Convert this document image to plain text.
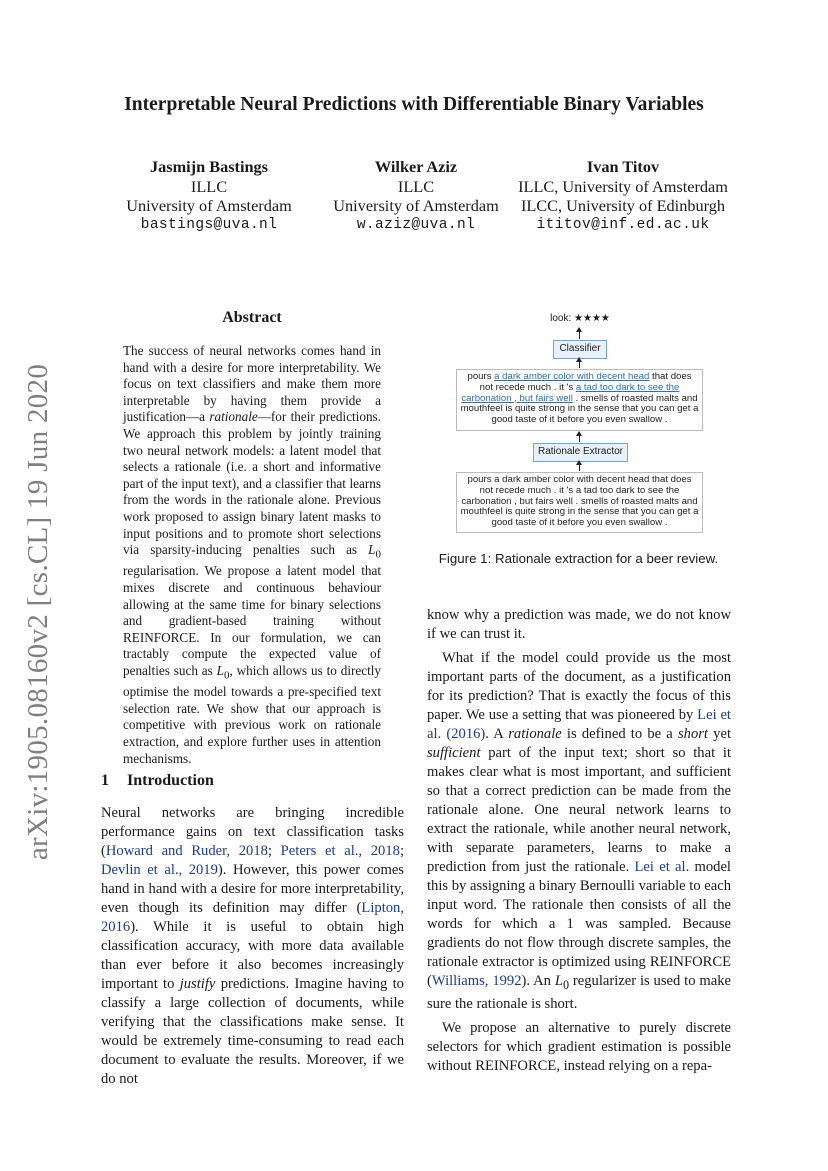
arXiv:1905.08160v2 [cs.CL] 19 Jun 2020
Interpretable Neural Predictions with Differentiable Binary Variables
Jasmijn Bastings
ILLC
University of Amsterdam
bastings@uva.nl
Wilker Aziz
ILLC
University of Amsterdam
w.aziz@uva.nl
Ivan Titov
ILLC, University of Amsterdam
ILCC, University of Edinburgh
ititov@inf.ed.ac.uk
Abstract
The success of neural networks comes hand in hand with a desire for more interpretability. We focus on text classifiers and make them more interpretable by having them provide a justification—a rationale—for their predictions. We approach this problem by jointly training two neural network models: a latent model that selects a rationale (i.e. a short and informative part of the input text), and a classifier that learns from the words in the rationale alone. Previous work proposed to assign binary latent masks to input positions and to promote short selections via sparsity-inducing penalties such as $L_0$ regularisation. We propose a latent model that mixes discrete and continuous behaviour allowing at the same time for binary selections and gradient-based training without REINFORCE. In our formulation, we can tractably compute the expected value of penalties such as $L_0$, which allows us to directly optimise the model towards a pre-specified text selection rate. We show that our approach is competitive with previous work on rationale extraction, and explore further uses in attention mechanisms.
1 Introduction

Neural networks are bringing incredible performance gains on text classification tasks (Howard and Ruder, 2018; Peters et al., 2018; Devlin et al., 2019). However, this power comes hand in hand with a desire for more interpretability, even though its definition may differ (Lipton, 2016). While it is useful to obtain high classification accuracy, with more data available than ever before it also becomes increasingly important to justify predictions. Imagine having to classify a large collection of documents, while verifying that the classifications make sense. It would be extremely time-consuming to read each document to evaluate the results. Moreover, if we do not

know why a prediction was made, we do not know if we can trust it.

What if the model could provide us the most important parts of the document, as a justification for its prediction? That is exactly the focus of this paper. We use a setting that was pioneered by Lei et al. (2016). A rationale is defined to be a short yet sufficient part of the input text; short so that it makes clear what is most important, and sufficient so that a correct prediction can be made from the rationale alone. One neural network learns to extract the rationale, while another neural network, with separate parameters, learns to make a prediction from just the rationale. Lei et al. model this by assigning a binary Bernoulli variable to each input word. The rationale then consists of all the words for which a 1 was sampled. Because gradients do not flow through discrete samples, the rationale extractor is optimized using REINFORCE (Williams, 1992). An $L_0$ regularizer is used to make sure the rationale is short.

We propose an alternative to purely discrete selectors for which gradient estimation is possible without REINFORCE, instead relying on a repa-

look: ★★★★
Classifier
pours a dark amber color with decent head that does not recede much . it 's a tad too dark to see the carbonation , but fairs well . smells of roasted malts and mouthfeel is quite strong in the sense that you can get a good taste of it before you even swallow .
Rationale Extractor
pours a dark amber color with decent head that does not recede much . it 's a tad too dark to see the carbonation , but fairs well . smells of roasted malts and mouthfeel is quite strong in the sense that you can get a good taste of it before you even swallow .
Figure 1: Rationale extraction for a beer review.
